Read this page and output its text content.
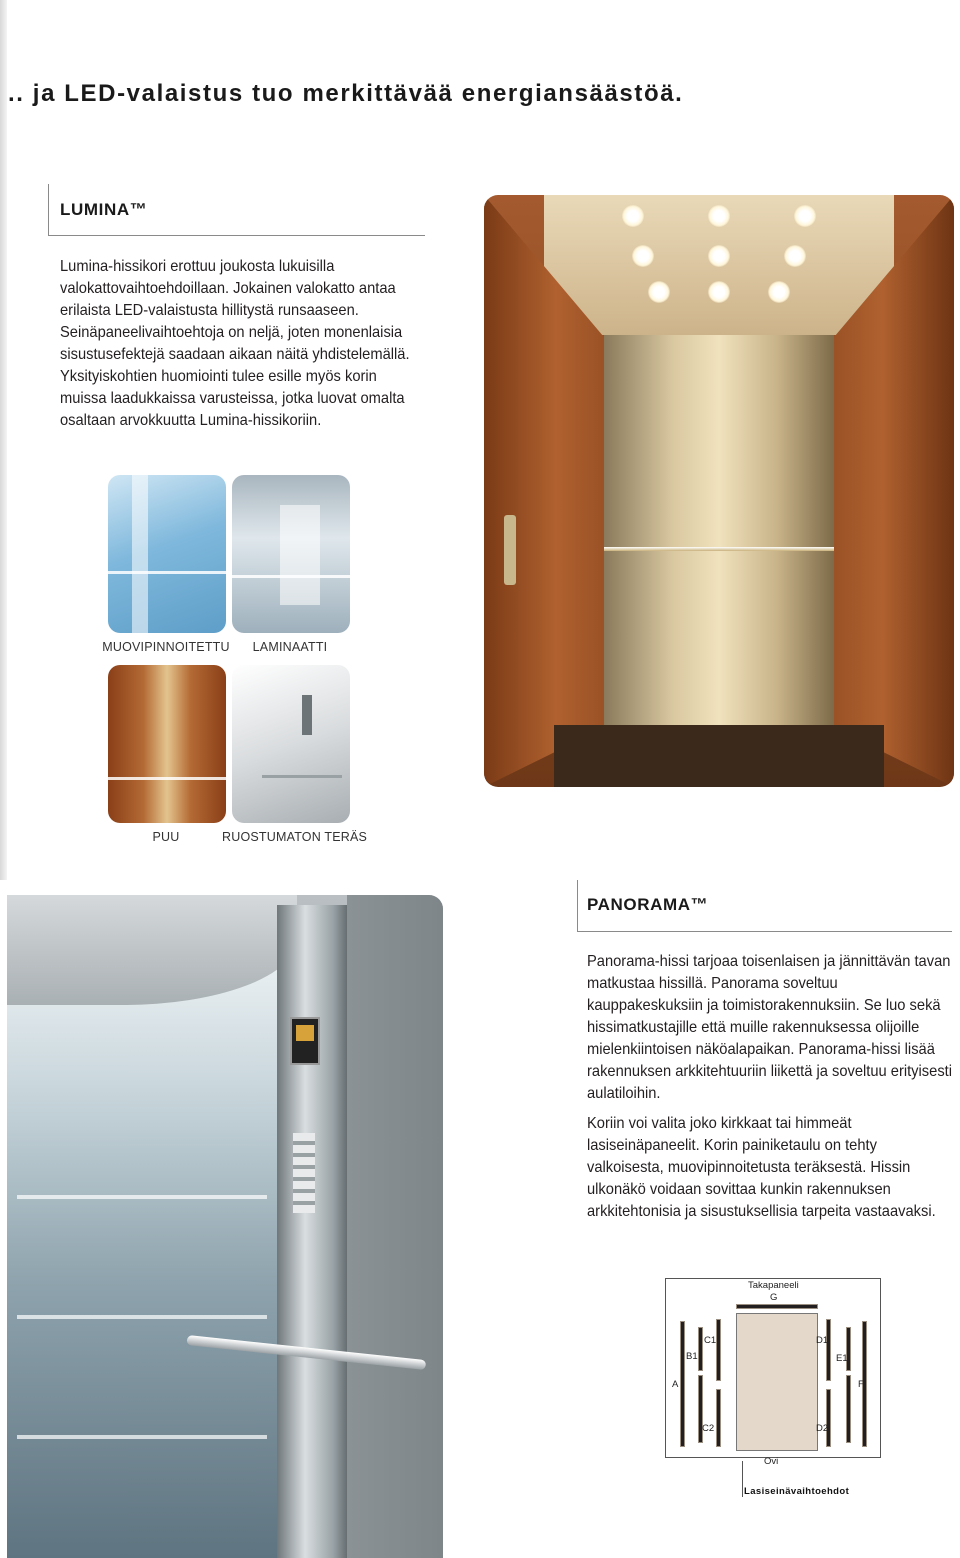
.. ja LED-valaistus tuo merkittävää energiansäästöä.
LUMINA™

Lumina-hissikori erottuu joukosta lukuisilla valokattovaihtoehdoillaan. Jokainen valokatto antaa erilaista LED-valaistusta hillitystä runsaaseen. Seinäpaneelivaihtoehtoja on neljä, joten monenlaisia sisustusefektejä saadaan aikaan näitä yhdistelemällä. Yksityiskohtien huomiointi tulee esille myös korin muissa laadukkaissa varusteissa, jotka luovat omalta osaltaan arvokkuutta Lumina-hissikoriin.

MUOVIPINNOITETTU	LAMINAATTI
PUU	RUOSTUMATON TERÄS
PANORAMA™

Panorama-hissi tarjoaa toisenlaisen ja jännittävän tavan matkustaa hissillä. Panorama soveltuu kauppakeskuksiin ja toimistorakennuksiin. Se luo sekä hissimatkustajille että muille rakennuksessa olijoille mielenkiintoisen näköalapaikan. Panorama-hissi lisää rakennuksen arkkitehtuuriin liikettä ja soveltuu erityisesti aulatiloihin.

Koriin voi valita joko kirkkaat tai himmeät lasiseinäpaneelit. Korin painiketaulu on tehty valkoisesta, muovipinnoitetusta teräksestä. Hissin ulkonäkö voidaan sovittaa kunkin rakennuksen arkkitehtonisia ja sisustuksellisia tarpeita vastaavaksi.

Takapaneeli
G
A
B1
C1
C2
D1
D2
E1
F
Ovi
Lasiseinävaihtoehdot
